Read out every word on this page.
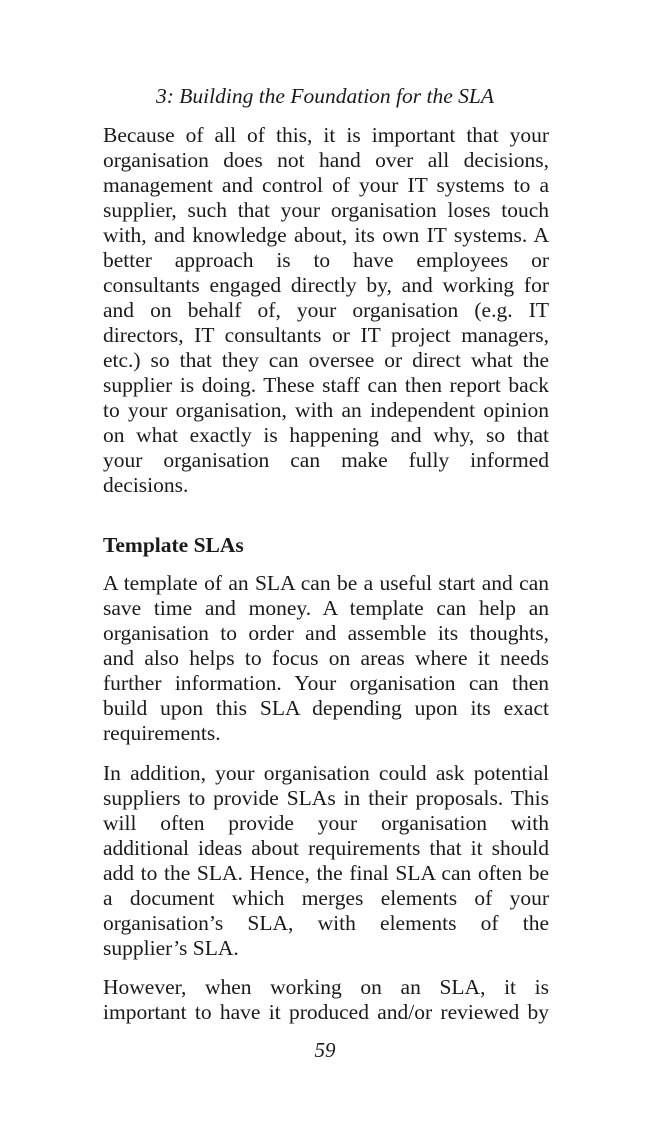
3: Building the Foundation for the SLA
Because of all of this, it is important that your
organisation does not hand over all decisions,
management and control of your IT systems to a
supplier, such that your organisation loses touch
with, and knowledge about, its own IT systems. A
better approach is to have employees or
consultants engaged directly by, and working for
and on behalf of, your organisation (e.g. IT
directors, IT consultants or IT project managers,
etc.) so that they can oversee or direct what the
supplier is doing. These staff can then report back
to your organisation, with an independent opinion
on what exactly is happening and why, so that
your organisation can make fully informed
decisions.
Template SLAs
A template of an SLA can be a useful start and can
save time and money. A template can help an
organisation to order and assemble its thoughts,
and also helps to focus on areas where it needs
further information. Your organisation can then
build upon this SLA depending upon its exact
requirements.
In addition, your organisation could ask potential
suppliers to provide SLAs in their proposals. This
will often provide your organisation with
additional ideas about requirements that it should
add to the SLA. Hence, the final SLA can often be
a document which merges elements of your
organisation’s SLA, with elements of the
supplier’s SLA.
However, when working on an SLA, it is
important to have it produced and/or reviewed by
59
